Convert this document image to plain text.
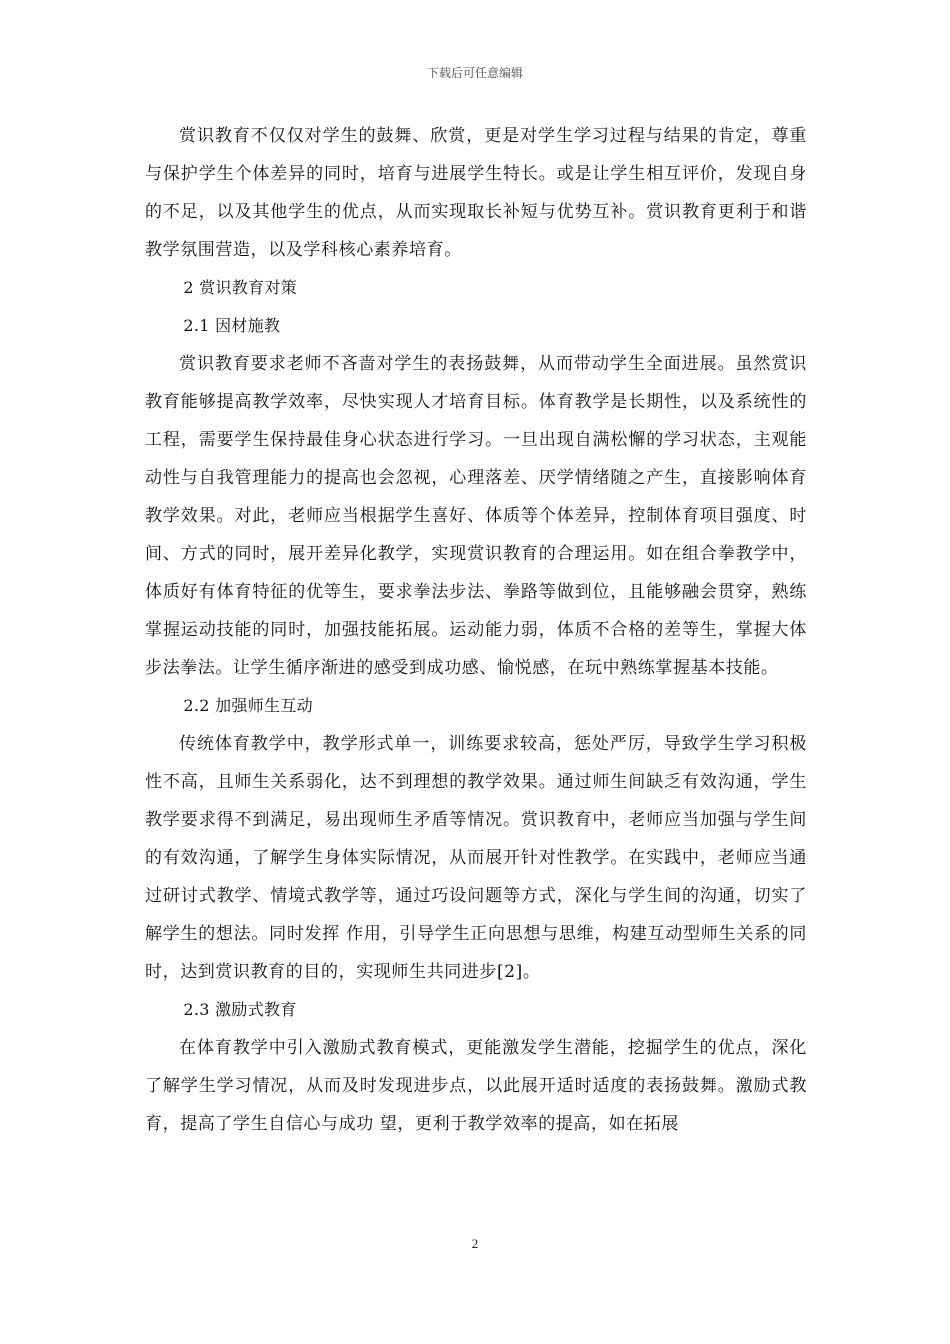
下载后可任意编辑

赏识教育不仅仅对学生的鼓舞、欣赏，更是对学生学习过程与结果的肯定，尊重与保护学生个体差异的同时，培育与进展学生特长。或是让学生相互评价，发现自身的不足，以及其他学生的优点，从而实现取长补短与优势互补。赏识教育更利于和谐教学氛围营造，以及学科核心素养培育。

2 赏识教育对策

2.1 因材施教

赏识教育要求老师不吝啬对学生的表扬鼓舞，从而带动学生全面进展。虽然赏识教育能够提高教学效率，尽快实现人才培育目标。体育教学是长期性，以及系统性的工程，需要学生保持最佳身心状态进行学习。一旦出现自满松懈的学习状态，主观能动性与自我管理能力的提高也会忽视，心理落差、厌学情绪随之产生，直接影响体育教学效果。对此，老师应当根据学生喜好、体质等个体差异，控制体育项目强度、时间、方式的同时，展开差异化教学，实现赏识教育的合理运用。如在组合拳教学中，体质好有体育特征的优等生，要求拳法步法、拳路等做到位，且能够融会贯穿，熟练掌握运动技能的同时，加强技能拓展。运动能力弱，体质不合格的差等生，掌握大体步法拳法。让学生循序渐进的感受到成功感、愉悦感，在玩中熟练掌握基本技能。

2.2 加强师生互动

传统体育教学中，教学形式单一，训练要求较高，惩处严厉，导致学生学习积极性不高，且师生关系弱化，达不到理想的教学效果。通过师生间缺乏有效沟通，学生教学要求得不到满足，易出现师生矛盾等情况。赏识教育中，老师应当加强与学生间的有效沟通，了解学生身体实际情况，从而展开针对性教学。在实践中，老师应当通过研讨式教学、情境式教学等，通过巧设问题等方式，深化与学生间的沟通，切实了解学生的想法。同时发挥 作用，引导学生正向思想与思维，构建互动型师生关系的同时，达到赏识教育的目的，实现师生共同进步[2]。

2.3 激励式教育

在体育教学中引入激励式教育模式，更能激发学生潜能，挖掘学生的优点，深化了解学生学习情况，从而及时发现进步点，以此展开适时适度的表扬鼓舞。激励式教育，提高了学生自信心与成功 望，更利于教学效率的提高，如在拓展

2
